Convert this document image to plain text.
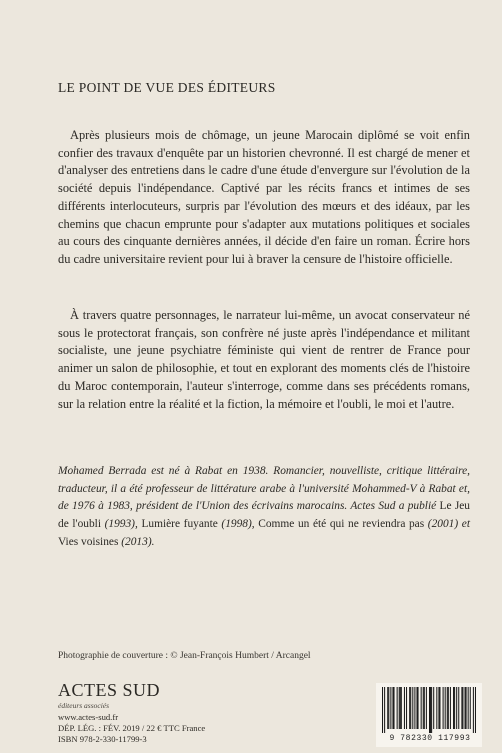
LE POINT DE VUE DES ÉDITEURS

Après plusieurs mois de chômage, un jeune Marocain diplômé se voit enfin confier des travaux d'enquête par un historien chevronné. Il est chargé de mener et d'analyser des entretiens dans le cadre d'une étude d'envergure sur l'évolution de la société depuis l'indépendance. Captivé par les récits francs et intimes de ses différents interlocuteurs, surpris par l'évolution des mœurs et des idéaux, par les chemins que chacun emprunte pour s'adapter aux mutations politiques et sociales au cours des cinquante dernières années, il décide d'en faire un roman. Écrire hors du cadre universitaire revient pour lui à braver la censure de l'histoire officielle.

À travers quatre personnages, le narrateur lui-même, un avocat conservateur né sous le protectorat français, son confrère né juste après l'indépendance et militant socialiste, une jeune psychiatre féministe qui vient de rentrer de France pour animer un salon de philosophie, et tout en explorant des moments clés de l'histoire du Maroc contemporain, l'auteur s'interroge, comme dans ses précédents romans, sur la relation entre la réalité et la fiction, la mémoire et l'oubli, le moi et l'autre.

Mohamed Berrada est né à Rabat en 1938. Romancier, nouvelliste, critique littéraire, traducteur, il a été professeur de littérature arabe à l'université Mohammed-V à Rabat et, de 1976 à 1983, président de l'Union des écrivains marocains. Actes Sud a publié Le Jeu de l'oubli (1993), Lumière fuyante (1998), Comme un été qui ne reviendra pas (2001) et Vies voisines (2013).

Photographie de couverture : © Jean-François Humbert / Arcangel
ACTES SUD
éditeurs associés
www.actes-sud.fr
DÉP. LÉG. : FÉV. 2019 / 22 € TTC France
ISBN 978-2-330-11799-3	9 782330 117993
